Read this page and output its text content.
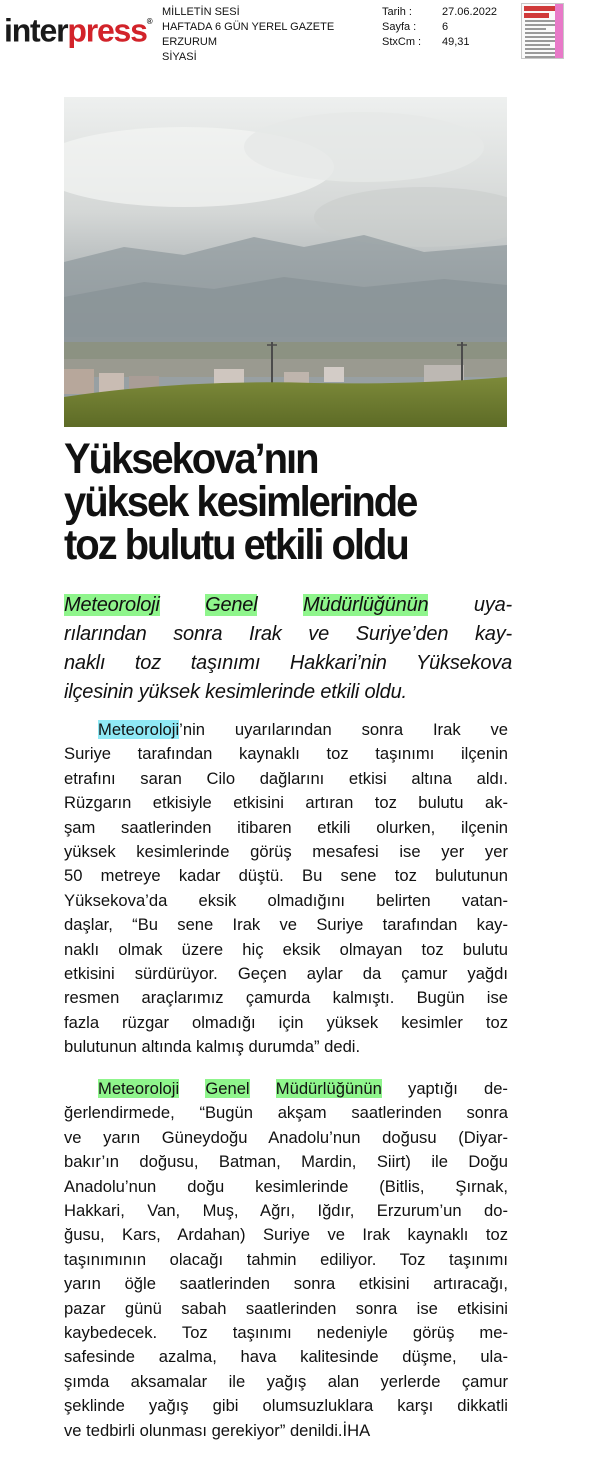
interpress®
MİLLETİN SESİ
HAFTADA 6 GÜN YEREL GAZETE
ERZURUM
SİYASİ
Tarih :	27.06.2022
Sayfa :	6
StxCm :	49,31
Yüksekova’nın
yüksek kesimlerinde
toz bulutu etkili oldu

Meteoroloji Genel Müdürlüğünün uya-
rılarından sonra Irak ve Suriye’den kay-
naklı toz taşınımı Hakkari’nin Yüksekova
ilçesinin yüksek kesimlerinde etkili oldu.

Meteoroloji’nin uyarılarından sonra Irak ve
Suriye tarafından kaynaklı toz taşınımı ilçenin
etrafını saran Cilo dağlarını etkisi altına aldı.
Rüzgarın etkisiyle etkisini artıran toz bulutu ak-
şam saatlerinden itibaren etkili olurken, ilçenin
yüksek kesimlerinde görüş mesafesi ise yer yer
50 metreye kadar düştü. Bu sene toz bulutunun
Yüksekova’da eksik olmadığını belirten vatan-
daşlar, “Bu sene Irak ve Suriye tarafından kay-
naklı olmak üzere hiç eksik olmayan toz bulutu
etkisini sürdürüyor. Geçen aylar da çamur yağdı
resmen araçlarımız çamurda kalmıştı. Bugün ise
fazla rüzgar olmadığı için yüksek kesimler toz
bulutunun altında kalmış durumda” dedi.
Meteoroloji Genel Müdürlüğünün yaptığı de-
ğerlendirmede, “Bugün akşam saatlerinden sonra
ve yarın Güneydoğu Anadolu’nun doğusu (Diyar-
bakır’ın doğusu, Batman, Mardin, Siirt) ile Doğu
Anadolu’nun doğu kesimlerinde (Bitlis, Şırnak,
Hakkari, Van, Muş, Ağrı, Iğdır, Erzurum’un do-
ğusu, Kars, Ardahan) Suriye ve Irak kaynaklı toz
taşınımının olacağı tahmin ediliyor. Toz taşınımı
yarın öğle saatlerinden sonra etkisini artıracağı,
pazar günü sabah saatlerinden sonra ise etkisini
kaybedecek. Toz taşınımı nedeniyle görüş me-
safesinde azalma, hava kalitesinde düşme, ula-
şımda aksamalar ile yağış alan yerlerde çamur
şeklinde yağış gibi olumsuzluklara karşı dikkatli
ve tedbirli olunması gerekiyor” denildi.İHA
